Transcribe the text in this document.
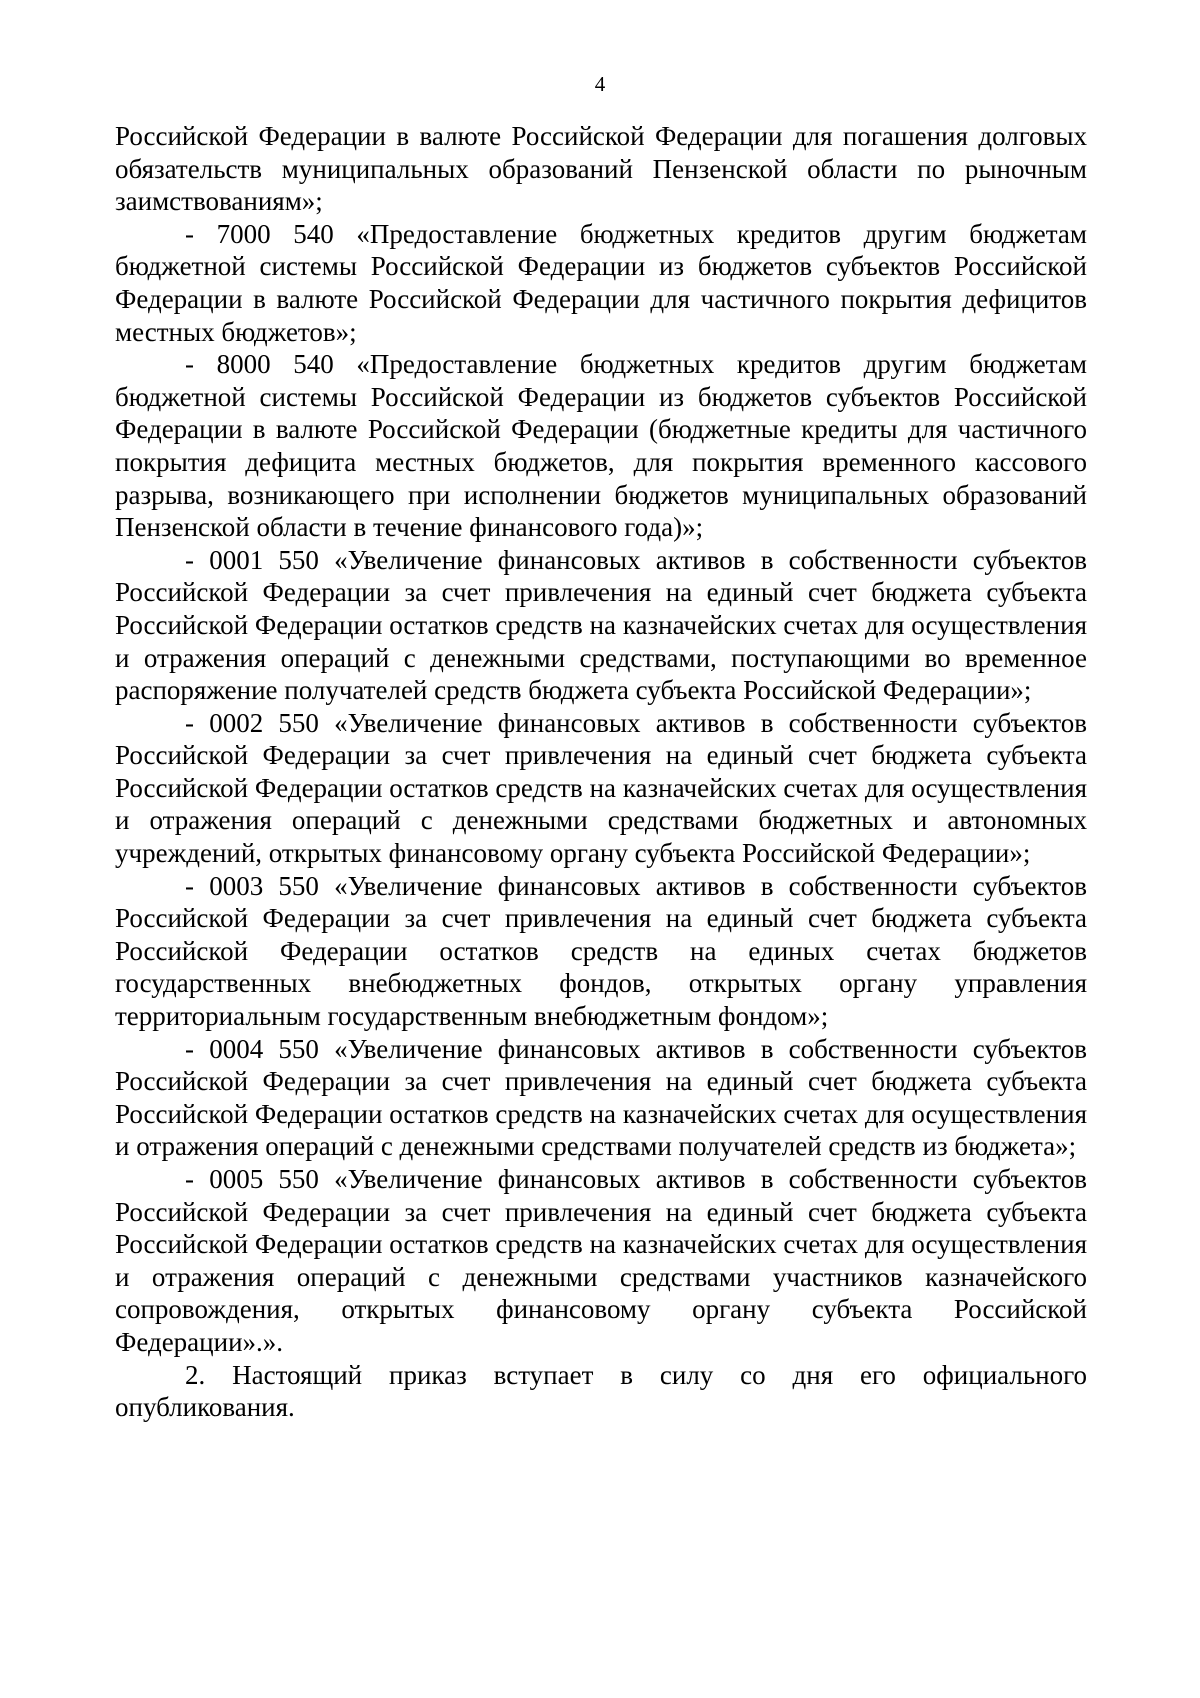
4

Российской Федерации в валюте Российской Федерации для погашения долговых обязательств муниципальных образований Пензенской области по рыночным заимствованиям»;

- 7000 540 «Предоставление бюджетных кредитов другим бюджетам бюджетной системы Российской Федерации из бюджетов субъектов Российской Федерации в валюте Российской Федерации для частичного покрытия дефицитов местных бюджетов»;

- 8000 540 «Предоставление бюджетных кредитов другим бюджетам бюджетной системы Российской Федерации из бюджетов субъектов Российской Федерации в валюте Российской Федерации (бюджетные кредиты для частичного покрытия дефицита местных бюджетов, для покрытия временного кассового разрыва, возникающего при исполнении бюджетов муниципальных образований Пензенской области в течение финансового года)»;

- 0001 550 «Увеличение финансовых активов в собственности субъектов Российской Федерации за счет привлечения на единый счет бюджета субъекта Российской Федерации остатков средств на казначейских счетах для осуществления и отражения операций с денежными средствами, поступающими во временное распоряжение получателей средств бюджета субъекта Российской Федерации»;

- 0002 550 «Увеличение финансовых активов в собственности субъектов Российской Федерации за счет привлечения на единый счет бюджета субъекта Российской Федерации остатков средств на казначейских счетах для осуществления и отражения операций с денежными средствами бюджетных и автономных учреждений, открытых финансовому органу субъекта Российской Федерации»;

- 0003 550 «Увеличение финансовых активов в собственности субъектов Российской Федерации за счет привлечения на единый счет бюджета субъекта Российской Федерации остатков средств на единых счетах бюджетов государственных внебюджетных фондов, открытых органу управления территориальным государственным внебюджетным фондом»;

- 0004 550 «Увеличение финансовых активов в собственности субъектов Российской Федерации за счет привлечения на единый счет бюджета субъекта Российской Федерации остатков средств на казначейских счетах для осуществления и отражения операций с денежными средствами получателей средств из бюджета»;

- 0005 550 «Увеличение финансовых активов в собственности субъектов Российской Федерации за счет привлечения на единый счет бюджета субъекта Российской Федерации остатков средств на казначейских счетах для осуществления и отражения операций с денежными средствами участников казначейского сопровождения, открытых финансовому органу субъекта Российской Федерации».».

2. Настоящий приказ вступает в силу со дня его официального опубликования.
